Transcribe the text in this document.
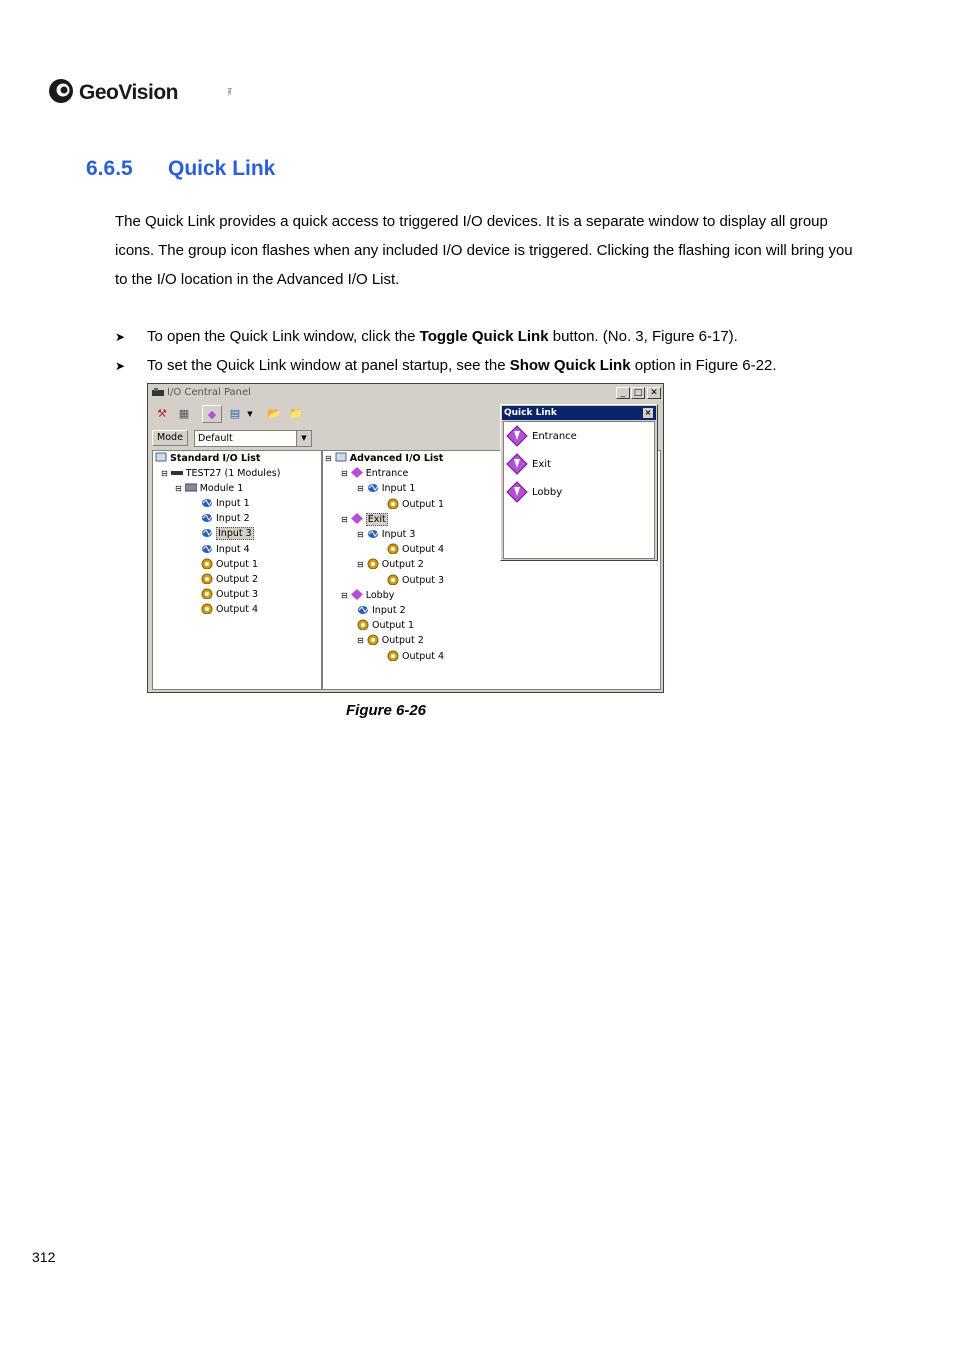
GeoVision	Inc.
6.6.5 Quick Link
The Quick Link provides a quick access to triggered I/O devices. It is a separate window to display all group icons. The group icon flashes when any included I/O device is triggered. Clicking the flashing icon will bring you to the I/O location in the Advanced I/O List.
➤ To open the Quick Link window, click the Toggle Quick Link button. (No. 3, Figure 6-17).
➤ To set the Quick Link window at panel startup, see the Show Quick Link option in Figure 6-22.
I/O Central Panel	_ □ ✕
⚒	▦	◆	▤	▼ 📂 📁
Mode	Default	▼
Standard I/O List
⊟ TEST27 (1 Modules)
⊟ Module 1
Input 1
Input 2
Input 3
Input 4
Output 1
Output 2
Output 3
Output 4
⊟ Advanced I/O List
⊟ Entrance
⊟ Input 1
Output 1
⊟ Exit
⊟ Input 3
Output 4
⊟ Output 2
Output 3
⊟ Lobby
Input 2
Output 1
⊟ Output 2
Output 4
Quick Link	×
Entrance
Exit
Lobby
Figure 6-26
312
